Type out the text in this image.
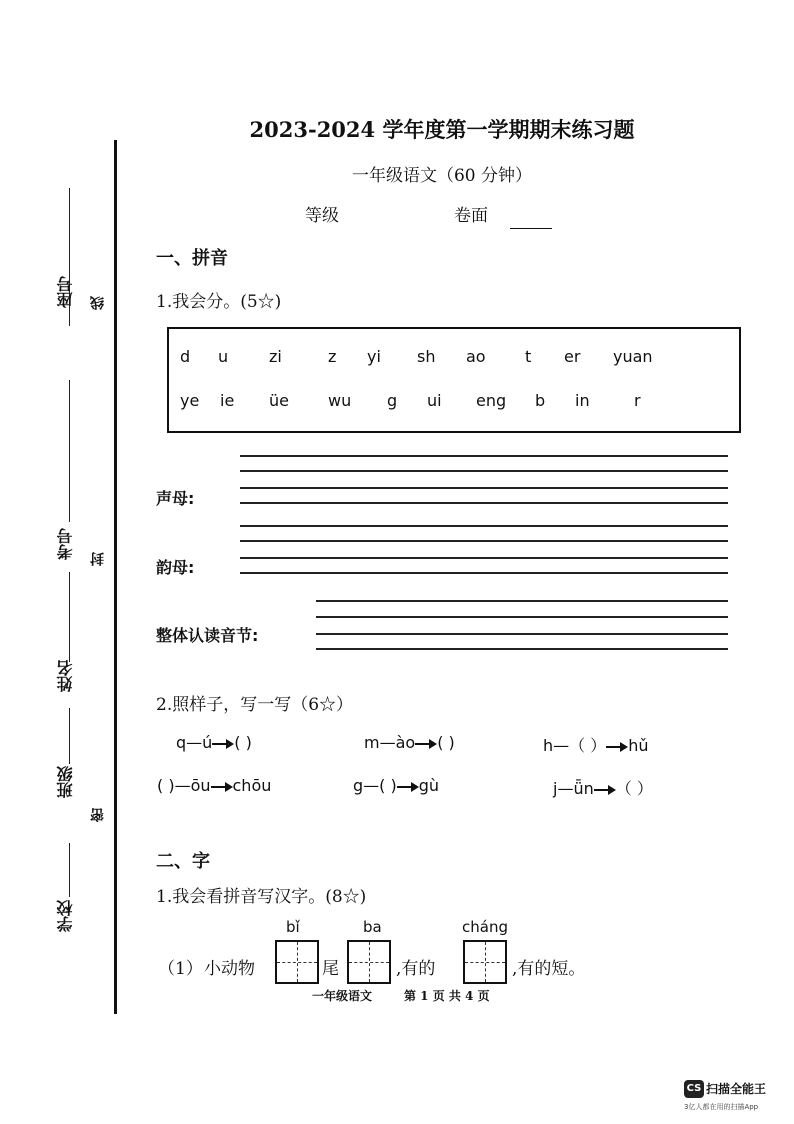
座号 线
考号 封
姓名
班级
密
学校
2023-2024 学年度第一学期期末练习题
一年级语文（60 分钟）
等级	卷面
一、拼音
1.我会分。(5☆)
d u	zi	z yi sh ao t er yuan
ye ie üe wu g ui eng b in	r
声母:
韵母:
整体认读音节:
2.照样子，写一写（6☆）
q—ú ( )	m—ào ( )	h—（ ） hǔ
( )—ōu chōu	g—( ) gù	j—ǖn （ ）
二、字
1.我会看拼音写汉字。(8☆)
bǐ	ba	cháng
（1） 小动物	尾	,有的	,有的短。
一年级语文	第 1 页 共 4 页
CS 扫描全能王
3亿人都在用的扫描App
